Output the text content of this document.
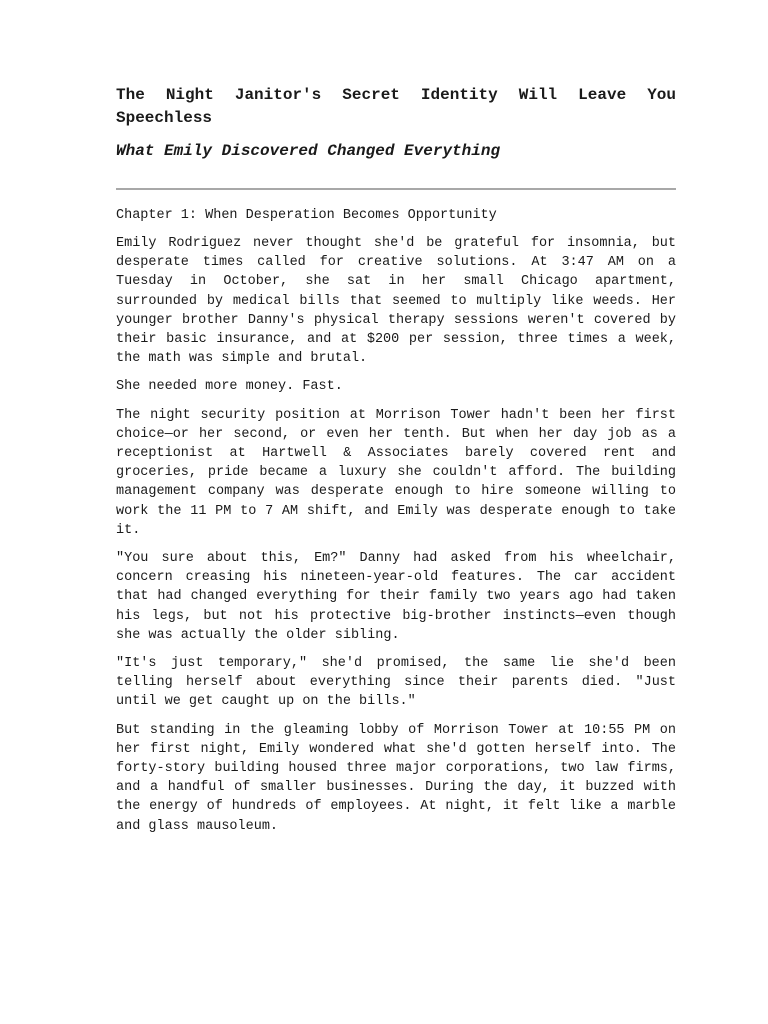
The Night Janitor's Secret Identity Will Leave You Speechless
What Emily Discovered Changed Everything

Chapter 1: When Desperation Becomes Opportunity

Emily Rodriguez never thought she'd be grateful for insomnia, but desperate times called for creative solutions. At 3:47 AM on a Tuesday in October, she sat in her small Chicago apartment, surrounded by medical bills that seemed to multiply like weeds. Her younger brother Danny's physical therapy sessions weren't covered by their basic insurance, and at $200 per session, three times a week, the math was simple and brutal.

She needed more money. Fast.

The night security position at Morrison Tower hadn't been her first choice—or her second, or even her tenth. But when her day job as a receptionist at Hartwell & Associates barely covered rent and groceries, pride became a luxury she couldn't afford. The building management company was desperate enough to hire someone willing to work the 11 PM to 7 AM shift, and Emily was desperate enough to take it.

"You sure about this, Em?" Danny had asked from his wheelchair, concern creasing his nineteen-year-old features. The car accident that had changed everything for their family two years ago had taken his legs, but not his protective big-brother instincts—even though she was actually the older sibling.

"It's just temporary," she'd promised, the same lie she'd been telling herself about everything since their parents died. "Just until we get caught up on the bills."

But standing in the gleaming lobby of Morrison Tower at 10:55 PM on her first night, Emily wondered what she'd gotten herself into. The forty-story building housed three major corporations, two law firms, and a handful of smaller businesses. During the day, it buzzed with the energy of hundreds of employees. At night, it felt like a marble and glass mausoleum.
